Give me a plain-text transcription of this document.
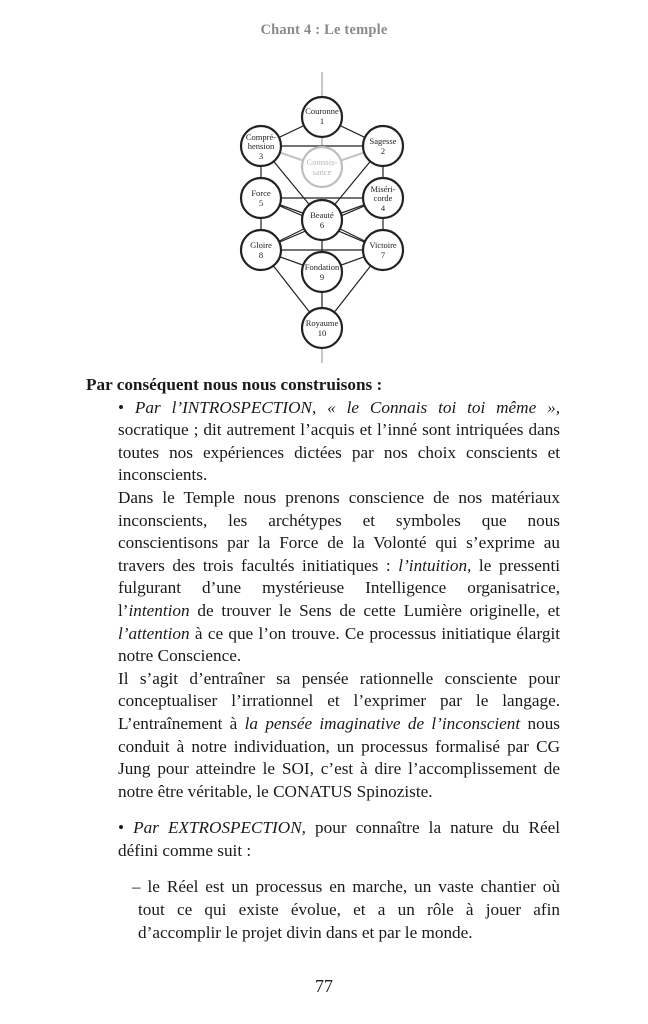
Chant 4 : Le temple
Couronne
1
Sagesse
2
Compré-
hension
3
Connais-
sance
Miséri-
corde
4
Force
5
Beauté
6
Victoire
7
Gloire
8
Fondation
9
Royaume
10
Par conséquent nous nous construisons :

• Par l’INTROSPECTION, « le Connais toi toi même », socratique ; dit autrement l’acquis et l’inné sont intriquées dans toutes nos expériences dictées par nos choix conscients et inconscients.

Dans le Temple nous prenons conscience de nos matériaux inconscients, les archétypes et symboles que nous conscientisons par la Force de la Volonté qui s’exprime au travers des trois facultés initiatiques : l’intuition, le pressenti fulgurant d’une mystérieuse Intelligence organisatrice, l’intention de trouver le Sens de cette Lumière originelle, et l’attention à ce que l’on trouve. Ce processus initiatique élargit notre Conscience.

Il s’agit d’entraîner sa pensée rationnelle consciente pour conceptualiser l’irrationnel et l’exprimer par le langage. L’entraînement à la pensée imaginative de l’inconscient nous conduit à notre individuation, un processus formalisé par CG Jung pour atteindre le SOI, c’est à dire l’accomplissement de notre être véritable, le CONATUS Spinoziste.

• Par EXTROSPECTION, pour connaître la nature du Réel défini comme suit :

– le Réel est un processus en marche, un vaste chantier où tout ce qui existe évolue, et a un rôle à jouer afin d’accomplir le projet divin dans et par le monde.

77
